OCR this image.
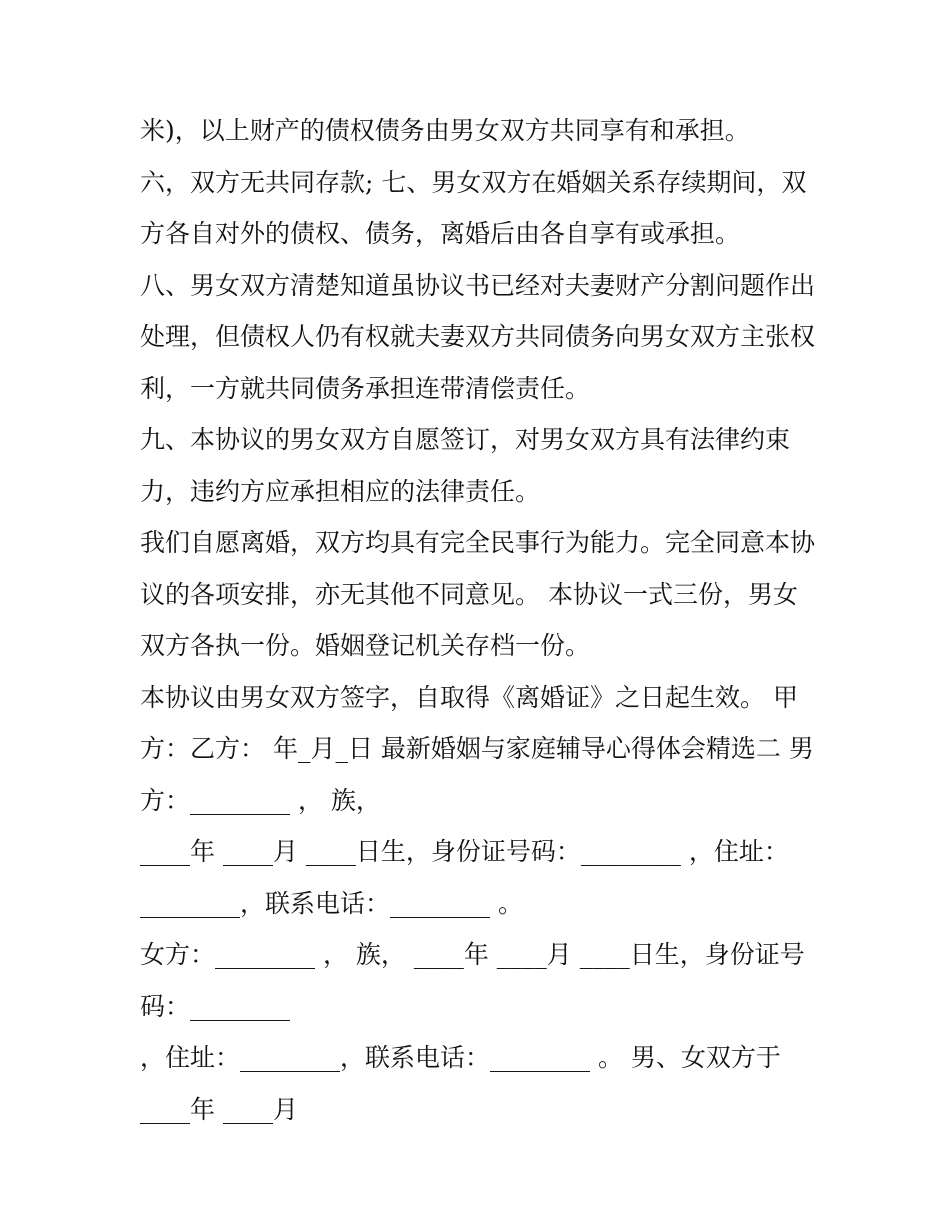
米)，以上财产的债权债务由男女双方共同享有和承担。
六，双方无共同存款; 七、男女双方在婚姻关系存续期间，双
方各自对外的债权、债务，离婚后由各自享有或承担。
八、男女双方清楚知道虽协议书已经对夫妻财产分割问题作出
处理，但债权人仍有权就夫妻双方共同债务向男女双方主张权
利，一方就共同债务承担连带清偿责任。
九、本协议的男女双方自愿签订，对男女双方具有法律约束
力，违约方应承担相应的法律责任。
我们自愿离婚，双方均具有完全民事行为能力。完全同意本协
议的各项安排，亦无其他不同意见。 本协议一式三份，男女
双方各执一份。婚姻登记机关存档一份。
本协议由男女双方签字，自取得《离婚证》之日起生效。 甲
方：乙方： 年_月_日 最新婚姻与家庭辅导心得体会精选二 男
方：________ ， 族，
____年 ____月 ____日生，身份证号码：________ ，住址：
________，联系电话：________ 。
女方：________ ， 族， ____年 ____月 ____日生，身份证号
码：________
，住址：________，联系电话：________ 。 男、女双方于
____年 ____月
